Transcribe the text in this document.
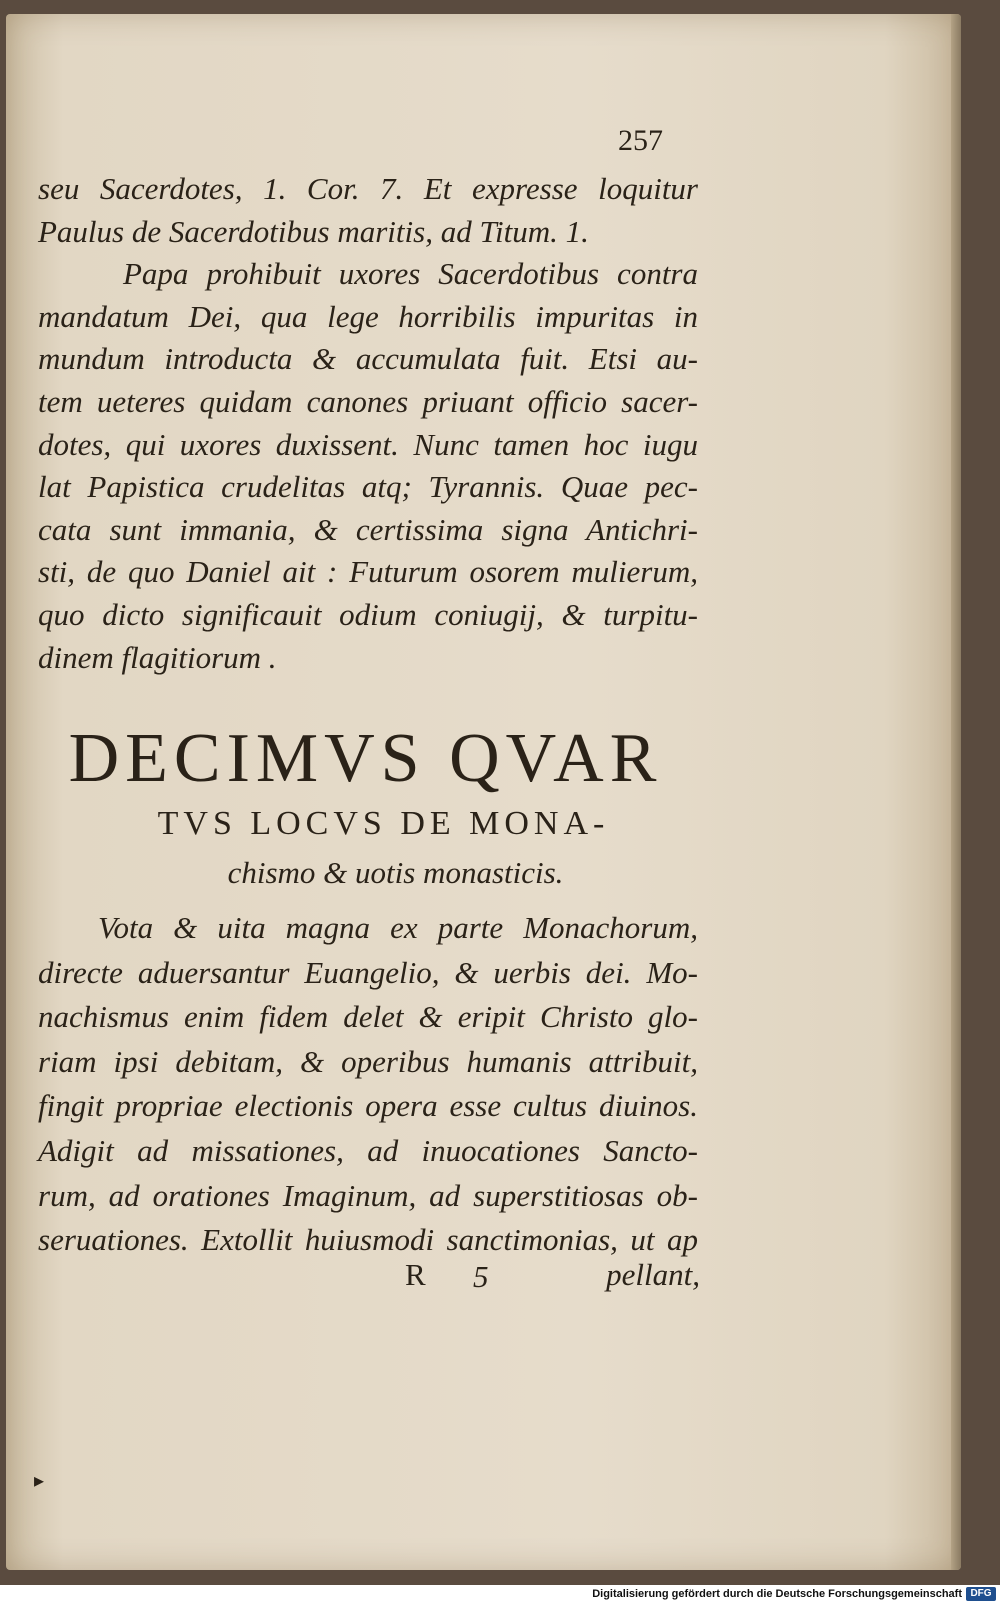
257
seu Sacerdotes, 1. Cor. 7. Et expresse loquitur
Paulus de Sacerdotibus maritis, ad Titum. 1.
Papa prohibuit uxores Sacerdotibus contra
mandatum Dei, qua lege horribilis impuritas in
mundum introducta & accumulata fuit. Etsi au-
tem ueteres quidam canones priuant officio sacer-
dotes, qui uxores duxissent. Nunc tamen hoc iugu
lat Papistica crudelitas atq; Tyrannis. Quae pec-
cata sunt immania, & certissima signa Antichri-
sti, de quo Daniel ait : Futurum osorem mulierum,
quo dicto significauit odium coniugij, & turpitu-
dinem flagitiorum .
DECIMVS QVAR
TVS LOCVS DE MONA-
chismo & uotis monasticis.
Vota & uita magna ex parte Monachorum,
directe aduersantur Euangelio, & uerbis dei. Mo-
nachismus enim fidem delet & eripit Christo glo-
riam ipsi debitam, & operibus humanis attribuit,
fingit propriae electionis opera esse cultus diuinos.
Adigit ad missationes, ad inuocationes Sancto-
rum, ad orationes Imaginum, ad superstitiosas ob-
seruationes. Extollit huiusmodi sanctimonias, ut ap
R 5	pellant,
▸
Digitalisierung gefördert durch die Deutsche Forschungsgemeinschaft DFG
